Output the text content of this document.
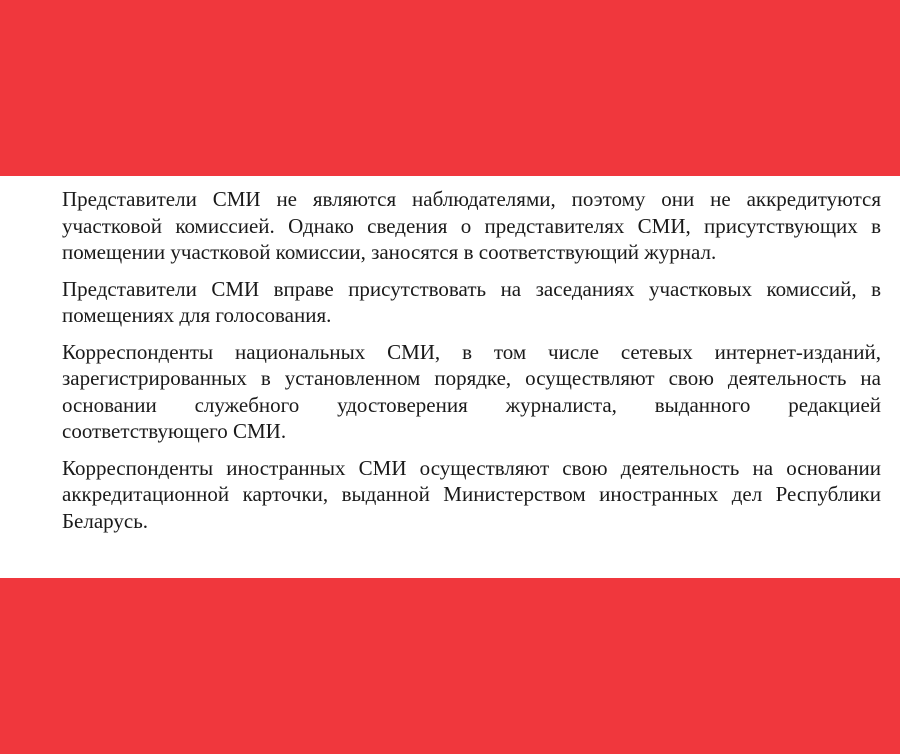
Представители СМИ не являются наблюдателями, поэтому они не аккредитуются участковой комиссией. Однако сведения о представителях СМИ, присутствующих в помещении участковой комиссии, заносятся в соответствующий журнал.

Представители СМИ вправе присутствовать на заседаниях участковых комиссий, в помещениях для голосования.

Корреспонденты национальных СМИ, в том числе сетевых интернет-изданий, зарегистрированных в установленном порядке, осуществляют свою деятельность на основании служебного удостоверения журналиста, выданного редакцией соответствующего СМИ.

Корреспонденты иностранных СМИ осуществляют свою деятельность на основании аккредитационной карточки, выданной Министерством иностранных дел Республики Беларусь.
